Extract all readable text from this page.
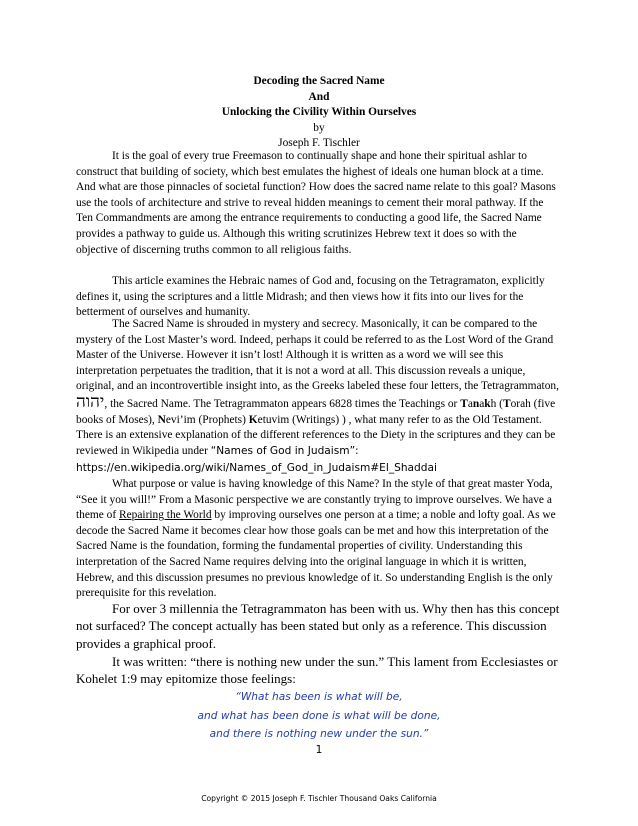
Decoding the Sacred Name
And
Unlocking the Civility Within Ourselves
by
Joseph F. Tischler

It is the goal of every true Freemason to continually shape and hone their spiritual ashlar to construct that building of society, which best emulates the highest of ideals one human block at a time. And what are those pinnacles of societal function? How does the sacred name relate to this goal? Masons use the tools of architecture and strive to reveal hidden meanings to cement their moral pathway. If the Ten Commandments are among the entrance requirements to conducting a good life, the Sacred Name provides a pathway to guide us. Although this writing scrutinizes Hebrew text it does so with the objective of discerning truths common to all religious faiths.

This article examines the Hebraic names of God and, focusing on the Tetragramaton, explicitly defines it, using the scriptures and a little Midrash; and then views how it fits into our lives for the betterment of ourselves and humanity.

The Sacred Name is shrouded in mystery and secrecy. Masonically, it can be compared to the mystery of the Lost Master’s word. Indeed, perhaps it could be referred to as the Lost Word of the Grand Master of the Universe. However it isn’t lost! Although it is written as a word we will see this interpretation perpetuates the tradition, that it is not a word at all. This discussion reveals a unique, original, and an incontrovertible insight into, as the Greeks labeled these four letters, the Tetragrammaton,
יהוה, the Sacred Name. The Tetragrammaton appears 6828 times the Teachings or Tanakh (Torah (five books of Moses), Nevi’im (Prophets) Ketuvim (Writings) ) , what many refer to as the Old Testament. There is an extensive explanation of the different references to the Diety in the scriptures and they can be reviewed in Wikipedia under “Names of God in Judaism”:

https://en.wikipedia.org/wiki/Names_of_God_in_Judaism#El_Shaddai

What purpose or value is having knowledge of this Name? In the style of that great master Yoda, “See it you will!” From a Masonic perspective we are constantly trying to improve ourselves. We have a theme of Repairing the World by improving ourselves one person at a time; a noble and lofty goal. As we decode the Sacred Name it becomes clear how those goals can be met and how this interpretation of the Sacred Name is the foundation, forming the fundamental properties of civility. Understanding this interpretation of the Sacred Name requires delving into the original language in which it is written, Hebrew, and this discussion presumes no previous knowledge of it. So understanding English is the only prerequisite for this revelation.

For over 3 millennia the Tetragrammaton has been with us. Why then has this concept not surfaced? The concept actually has been stated but only as a reference. This discussion provides a graphical proof.

It was written: “there is nothing new under the sun.” This lament from Ecclesiastes or Kohelet 1:9 may epitomize those feelings:

“What has been is what will be,
and what has been done is what will be done,
and there is nothing new under the sun.”
1
Copyright © 2015 Joseph F. Tischler Thousand Oaks California
